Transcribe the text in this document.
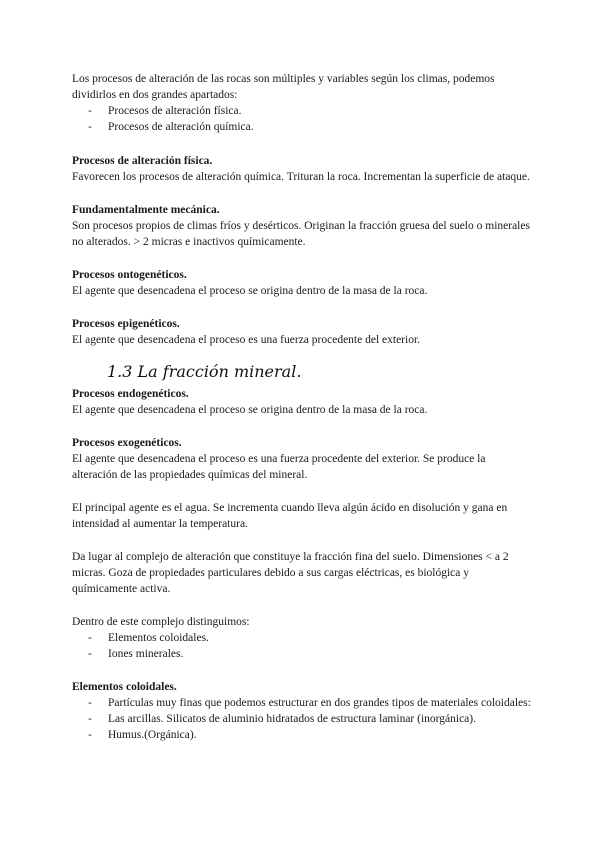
Los procesos de alteración de las rocas son múltiples y variables según los climas, podemos dividirlos en dos grandes apartados:

- Procesos de alteración física.
- Procesos de alteración química.

Procesos de alteración física.

Favorecen los procesos de alteración química. Trituran la roca. Incrementan la superficie de ataque.

Fundamentalmente mecánica.

Son procesos propios de climas fríos y desérticos. Originan la fracción gruesa del suelo o minerales no alterados. > 2 micras e inactivos químicamente.

Procesos ontogenéticos.

El agente que desencadena el proceso se origina dentro de la masa de la roca.

Procesos epigenéticos.

El agente que desencadena el proceso es una fuerza procedente del exterior.

1.3 La fracción mineral.

Procesos endogenéticos.

El agente que desencadena el proceso se origina dentro de la masa de la roca.

Procesos exogenéticos.

El agente que desencadena el proceso es una fuerza procedente del exterior. Se produce la alteración de las propiedades químicas del mineral.

El principal agente es el agua. Se incrementa cuando lleva algún ácido en disolución y gana en intensidad al aumentar la temperatura.

Da lugar al complejo de alteración que constituye la fracción fina del suelo. Dimensiones < a 2 micras. Goza de propiedades particulares debido a sus cargas eléctricas, es biológica y químicamente activa.

Dentro de este complejo distinguimos:

- Elementos coloidales.
- Iones minerales.

Elementos coloidales.

- Partículas muy finas que podemos estructurar en dos grandes tipos de materiales coloidales:
- Las arcillas. Silicatos de aluminio hidratados de estructura laminar (inorgánica).
- Humus.(Orgánica).
